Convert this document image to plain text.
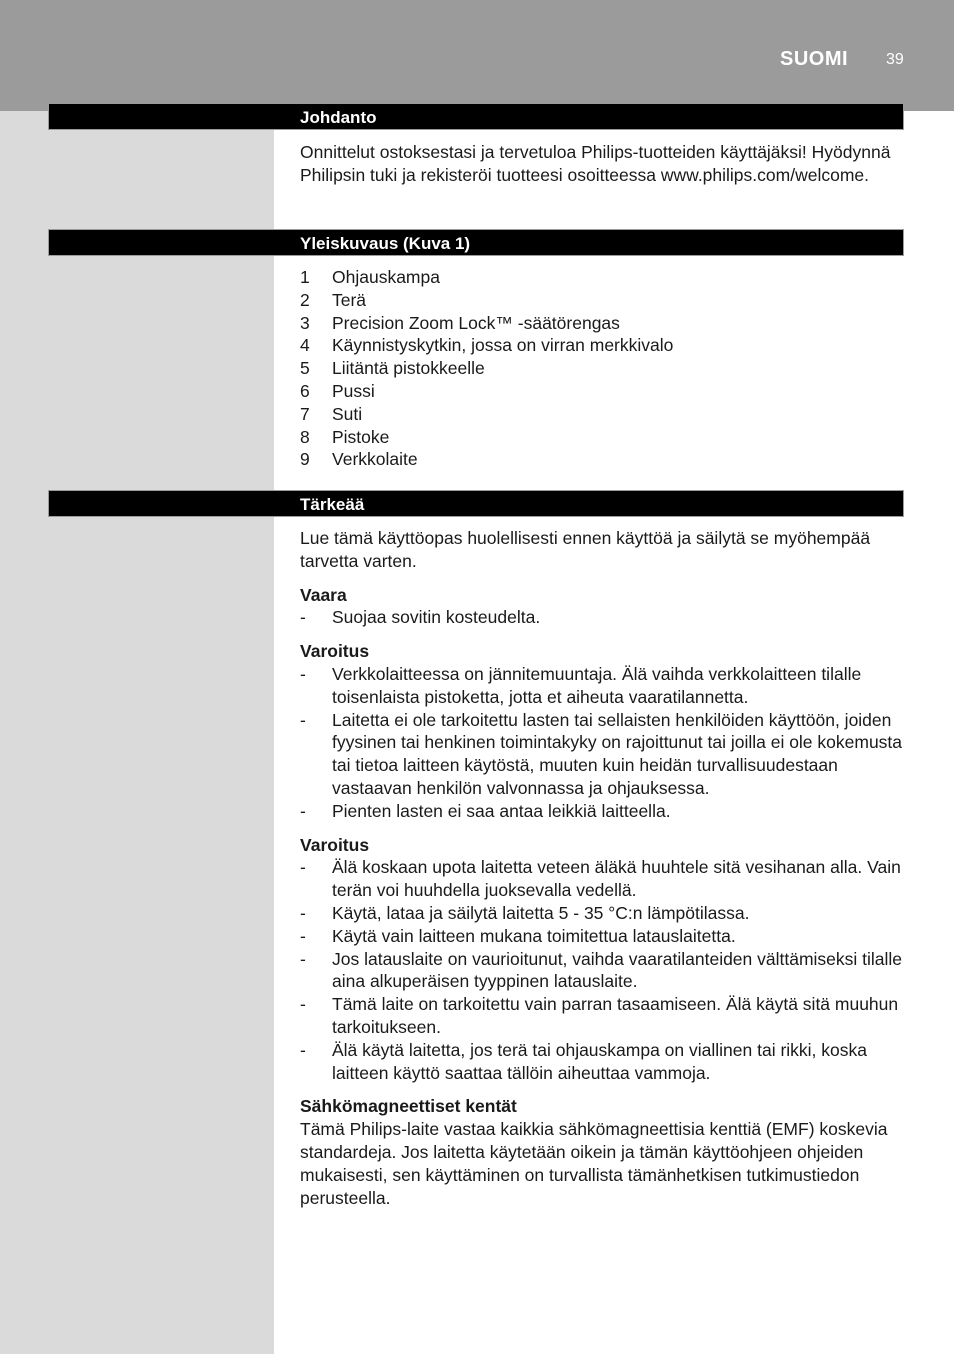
SUOMI 39
Johdanto

Onnittelut ostoksestasi ja tervetuloa Philips-tuotteiden käyttäjäksi! Hyödynnä Philipsin tuki ja rekisteröi tuotteesi osoitteessa www.philips.com/welcome.

Yleiskuvaus (Kuva 1)
1 Ohjauskampa
2 Terä
3 Precision Zoom Lock™ -säätörengas
4 Käynnistyskytkin, jossa on virran merkkivalo
5 Liitäntä pistokkeelle
6 Pussi
7 Suti
8 Pistoke
9 Verkkolaite
Tärkeää

Lue tämä käyttöopas huolellisesti ennen käyttöä ja säilytä se myöhempää tarvetta varten.

Vaara

- Suojaa sovitin kosteudelta.

Varoitus

- Verkkolaitteessa on jännitemuuntaja. Älä vaihda verkkolaitteen tilalle toisenlaista pistoketta, jotta et aiheuta vaaratilannetta.

- Laitetta ei ole tarkoitettu lasten tai sellaisten henkilöiden käyttöön, joiden fyysinen tai henkinen toimintakyky on rajoittunut tai joilla ei ole kokemusta tai tietoa laitteen käytöstä, muuten kuin heidän turvallisuudestaan vastaavan henkilön valvonnassa ja ohjauksessa.

- Pienten lasten ei saa antaa leikkiä laitteella.

Varoitus

- Älä koskaan upota laitetta veteen äläkä huuhtele sitä vesihanan alla. Vain terän voi huuhdella juoksevalla vedellä.

- Käytä, lataa ja säilytä laitetta 5 - 35 °C:n lämpötilassa.

- Käytä vain laitteen mukana toimitettua latauslaitetta.

- Jos latauslaite on vaurioitunut, vaihda vaaratilanteiden välttämiseksi tilalle aina alkuperäisen tyyppinen latauslaite.

- Tämä laite on tarkoitettu vain parran tasaamiseen. Älä käytä sitä muuhun tarkoitukseen.

- Älä käytä laitetta, jos terä tai ohjauskampa on viallinen tai rikki, koska laitteen käyttö saattaa tällöin aiheuttaa vammoja.

Sähkömagneettiset kentät

Tämä Philips-laite vastaa kaikkia sähkömagneettisia kenttiä (EMF) koskevia standardeja. Jos laitetta käytetään oikein ja tämän käyttöohjeen ohjeiden mukaisesti, sen käyttäminen on turvallista tämänhetkisen tutkimustiedon perusteella.
